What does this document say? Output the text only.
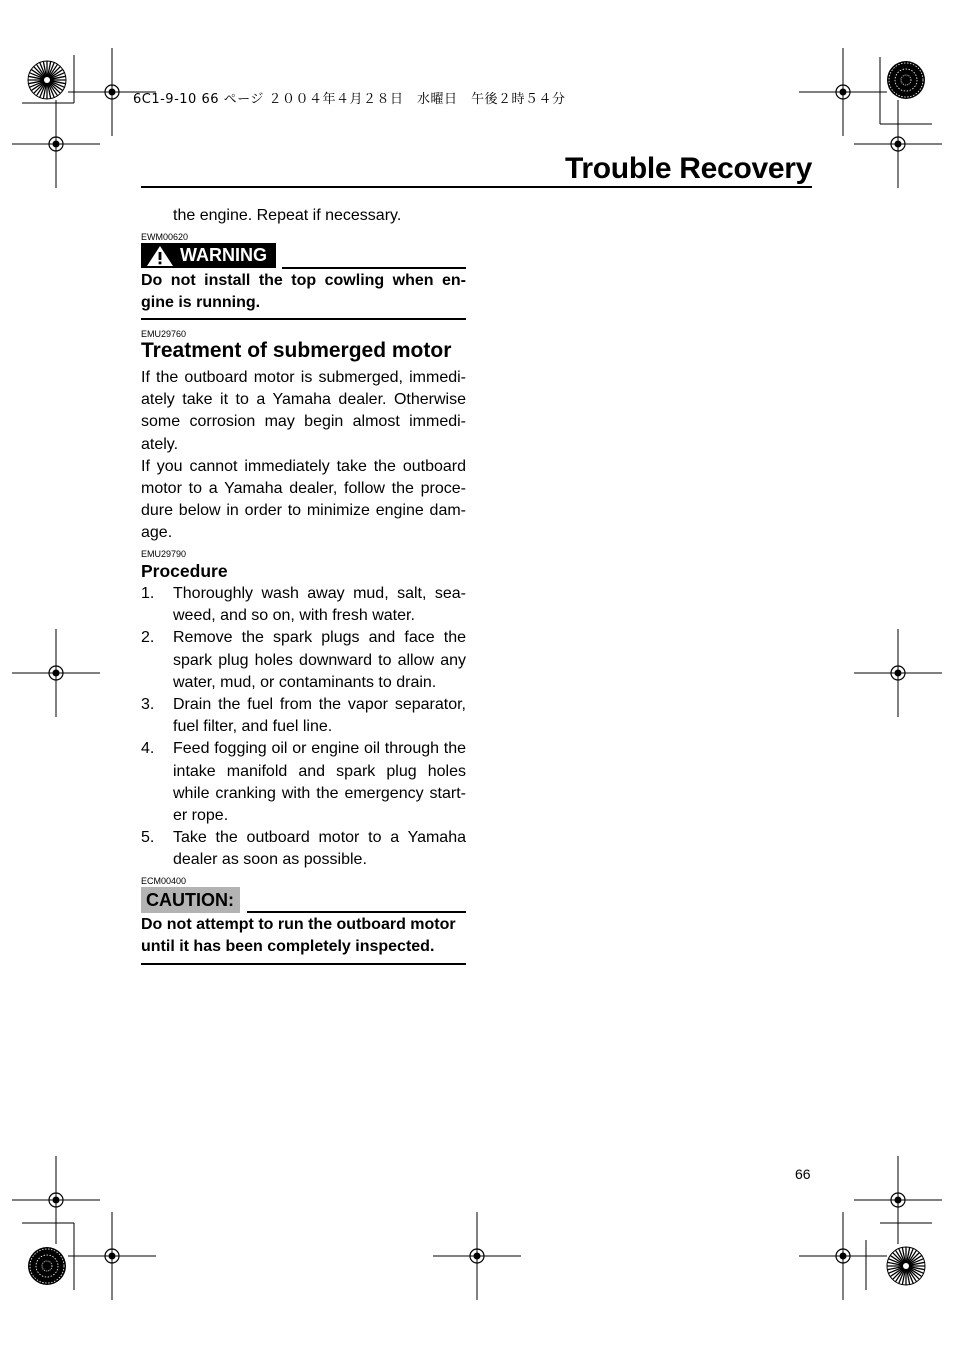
6C1-9-10 66 ページ ２００４年４月２８日　水曜日　午後２時５４分
Trouble Recovery
the engine. Repeat if necessary.
EWM00620
WARNING
Do not install the top cowling when en-gine is running.
EMU29760
Treatment of submerged motor

If the outboard motor is submerged, immedi-ately take it to a Yamaha dealer. Otherwise some corrosion may begin almost immedi-ately.

If you cannot immediately take the outboard motor to a Yamaha dealer, follow the proce-dure below in order to minimize engine dam-age.

EMU29790
Procedure
1. Thoroughly wash away mud, salt, sea-weed, and so on, with fresh water.
2. Remove the spark plugs and face the spark plug holes downward to allow any water, mud, or contaminants to drain.
3. Drain the fuel from the vapor separator, fuel filter, and fuel line.
4. Feed fogging oil or engine oil through the intake manifold and spark plug holes while cranking with the emergency start-er rope.
5. Take the outboard motor to a Yamaha dealer as soon as possible.
ECM00400
CAUTION:
Do not attempt to run the outboard motor until it has been completely inspected.
66
